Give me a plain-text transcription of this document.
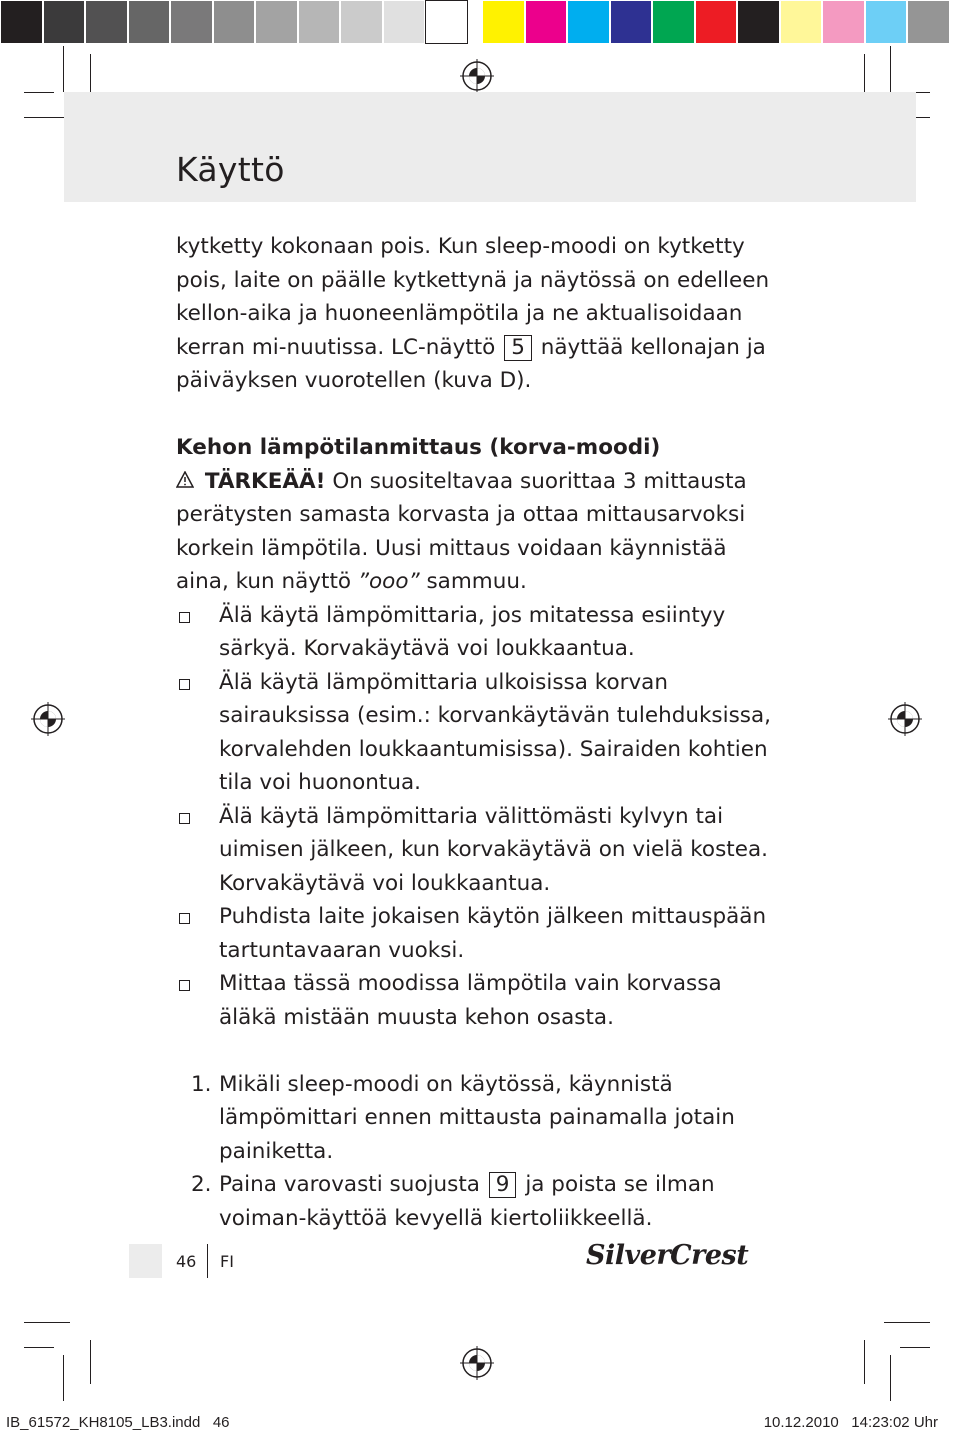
Käyttö

kytketty kokonaan pois. Kun sleep-moodi on kytketty pois, laite on päälle kytkettynä ja näytössä on edelleen kellon-aika ja huoneenlämpötila ja ne aktualisoidaan kerran mi-nuutissa. LC-näyttö 5 näyttää kellonajan ja päiväyksen vuorotellen (kuva D).

Kehon lämpötilanmittaus (korva-moodi)

TÄRKEÄÄ! On suositeltavaa suorittaa 3 mittausta perätysten samasta korvasta ja ottaa mittausarvoksi korkein lämpötila. Uusi mittaus voidaan käynnistää aina, kun näyttö ”ooo” sammuu.

Älä käytä lämpömittaria, jos mitatessa esiintyy särkyä. Korvakäytävä voi loukkaantua.
Älä käytä lämpömittaria ulkoisissa korvan sairauksissa (esim.: korvankäytävän tulehduksissa, korvalehden loukkaantumisissa). Sairaiden kohtien tila voi huonontua.
Älä käytä lämpömittaria välittömästi kylvyn tai uimisen jälkeen, kun korvakäytävä on vielä kostea. Korvakäytävä voi loukkaantua.
Puhdista laite jokaisen käytön jälkeen mittauspään tartuntavaaran vuoksi.
Mittaa tässä moodissa lämpötila vain korvassa äläkä mistään muusta kehon osasta.
1. Mikäli sleep-moodi on käytössä, käynnistä lämpömittari ennen mittausta painamalla jotain painiketta.
2. Paina varovasti suojusta 9 ja poista se ilman voiman-käyttöä kevyellä kiertoliikkeellä.
46 FI	SilverCrest
IB_61572_KH8105_LB3.indd   46	10.12.2010   14:23:02 Uhr
